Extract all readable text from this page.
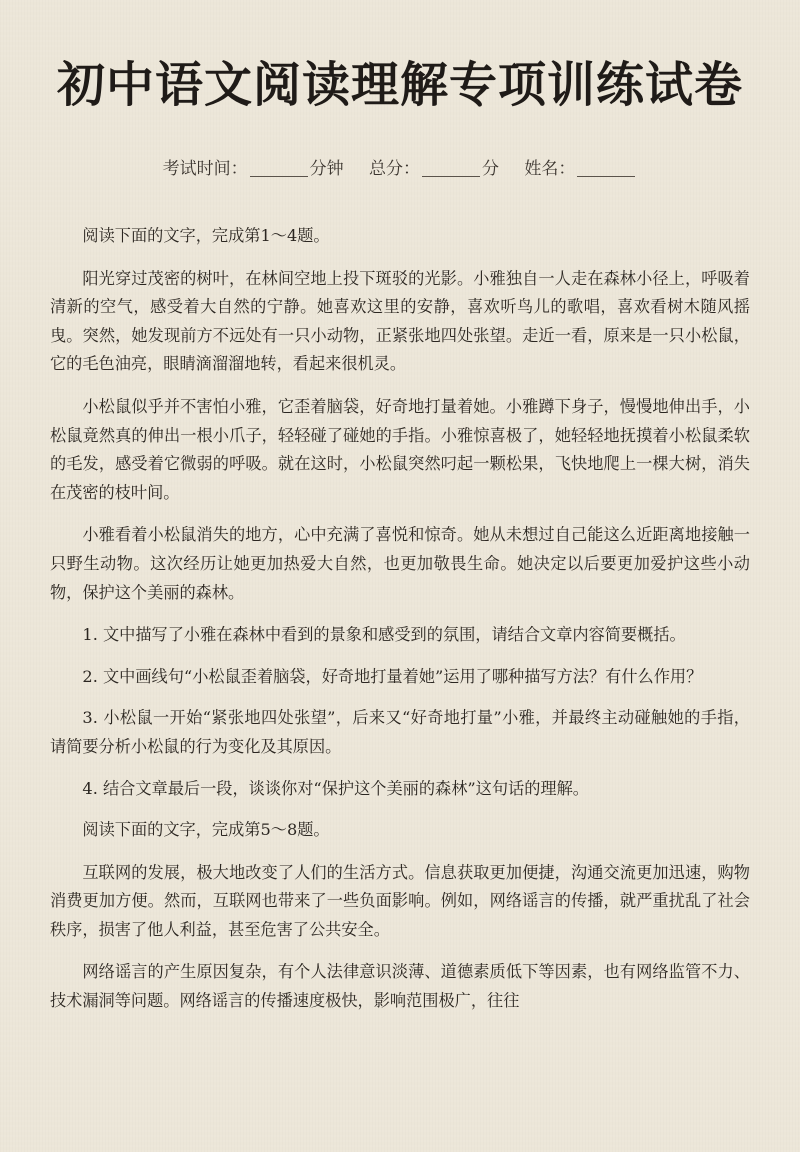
初中语文阅读理解专项训练试卷
考试时间：	分钟 总分：	分 姓名：

阅读下面的文字，完成第1～4题。

阳光穿过茂密的树叶，在林间空地上投下斑驳的光影。小雅独自一人走在森林小径上，呼吸着清新的空气，感受着大自然的宁静。她喜欢这里的安静，喜欢听鸟儿的歌唱，喜欢看树木随风摇曳。突然，她发现前方不远处有一只小动物，正紧张地四处张望。走近一看，原来是一只小松鼠，它的毛色油亮，眼睛滴溜溜地转，看起来很机灵。

小松鼠似乎并不害怕小雅，它歪着脑袋，好奇地打量着她。小雅蹲下身子，慢慢地伸出手，小松鼠竟然真的伸出一根小爪子，轻轻碰了碰她的手指。小雅惊喜极了，她轻轻地抚摸着小松鼠柔软的毛发，感受着它微弱的呼吸。就在这时，小松鼠突然叼起一颗松果，飞快地爬上一棵大树，消失在茂密的枝叶间。

小雅看着小松鼠消失的地方，心中充满了喜悦和惊奇。她从未想过自己能这么近距离地接触一只野生动物。这次经历让她更加热爱大自然，也更加敬畏生命。她决定以后要更加爱护这些小动物，保护这个美丽的森林。

1. 文中描写了小雅在森林中看到的景象和感受到的氛围，请结合文章内容简要概括。

2. 文中画线句“小松鼠歪着脑袋，好奇地打量着她”运用了哪种描写方法？有什么作用？

3. 小松鼠一开始“紧张地四处张望”，后来又“好奇地打量”小雅，并最终主动碰触她的手指，请简要分析小松鼠的行为变化及其原因。

4. 结合文章最后一段，谈谈你对“保护这个美丽的森林”这句话的理解。

阅读下面的文字，完成第5～8题。

互联网的发展，极大地改变了人们的生活方式。信息获取更加便捷，沟通交流更加迅速，购物消费更加方便。然而，互联网也带来了一些负面影响。例如，网络谣言的传播，就严重扰乱了社会秩序，损害了他人利益，甚至危害了公共安全。

网络谣言的产生原因复杂，有个人法律意识淡薄、道德素质低下等因素，也有网络监管不力、技术漏洞等问题。网络谣言的传播速度极快，影响范围极广，往往
